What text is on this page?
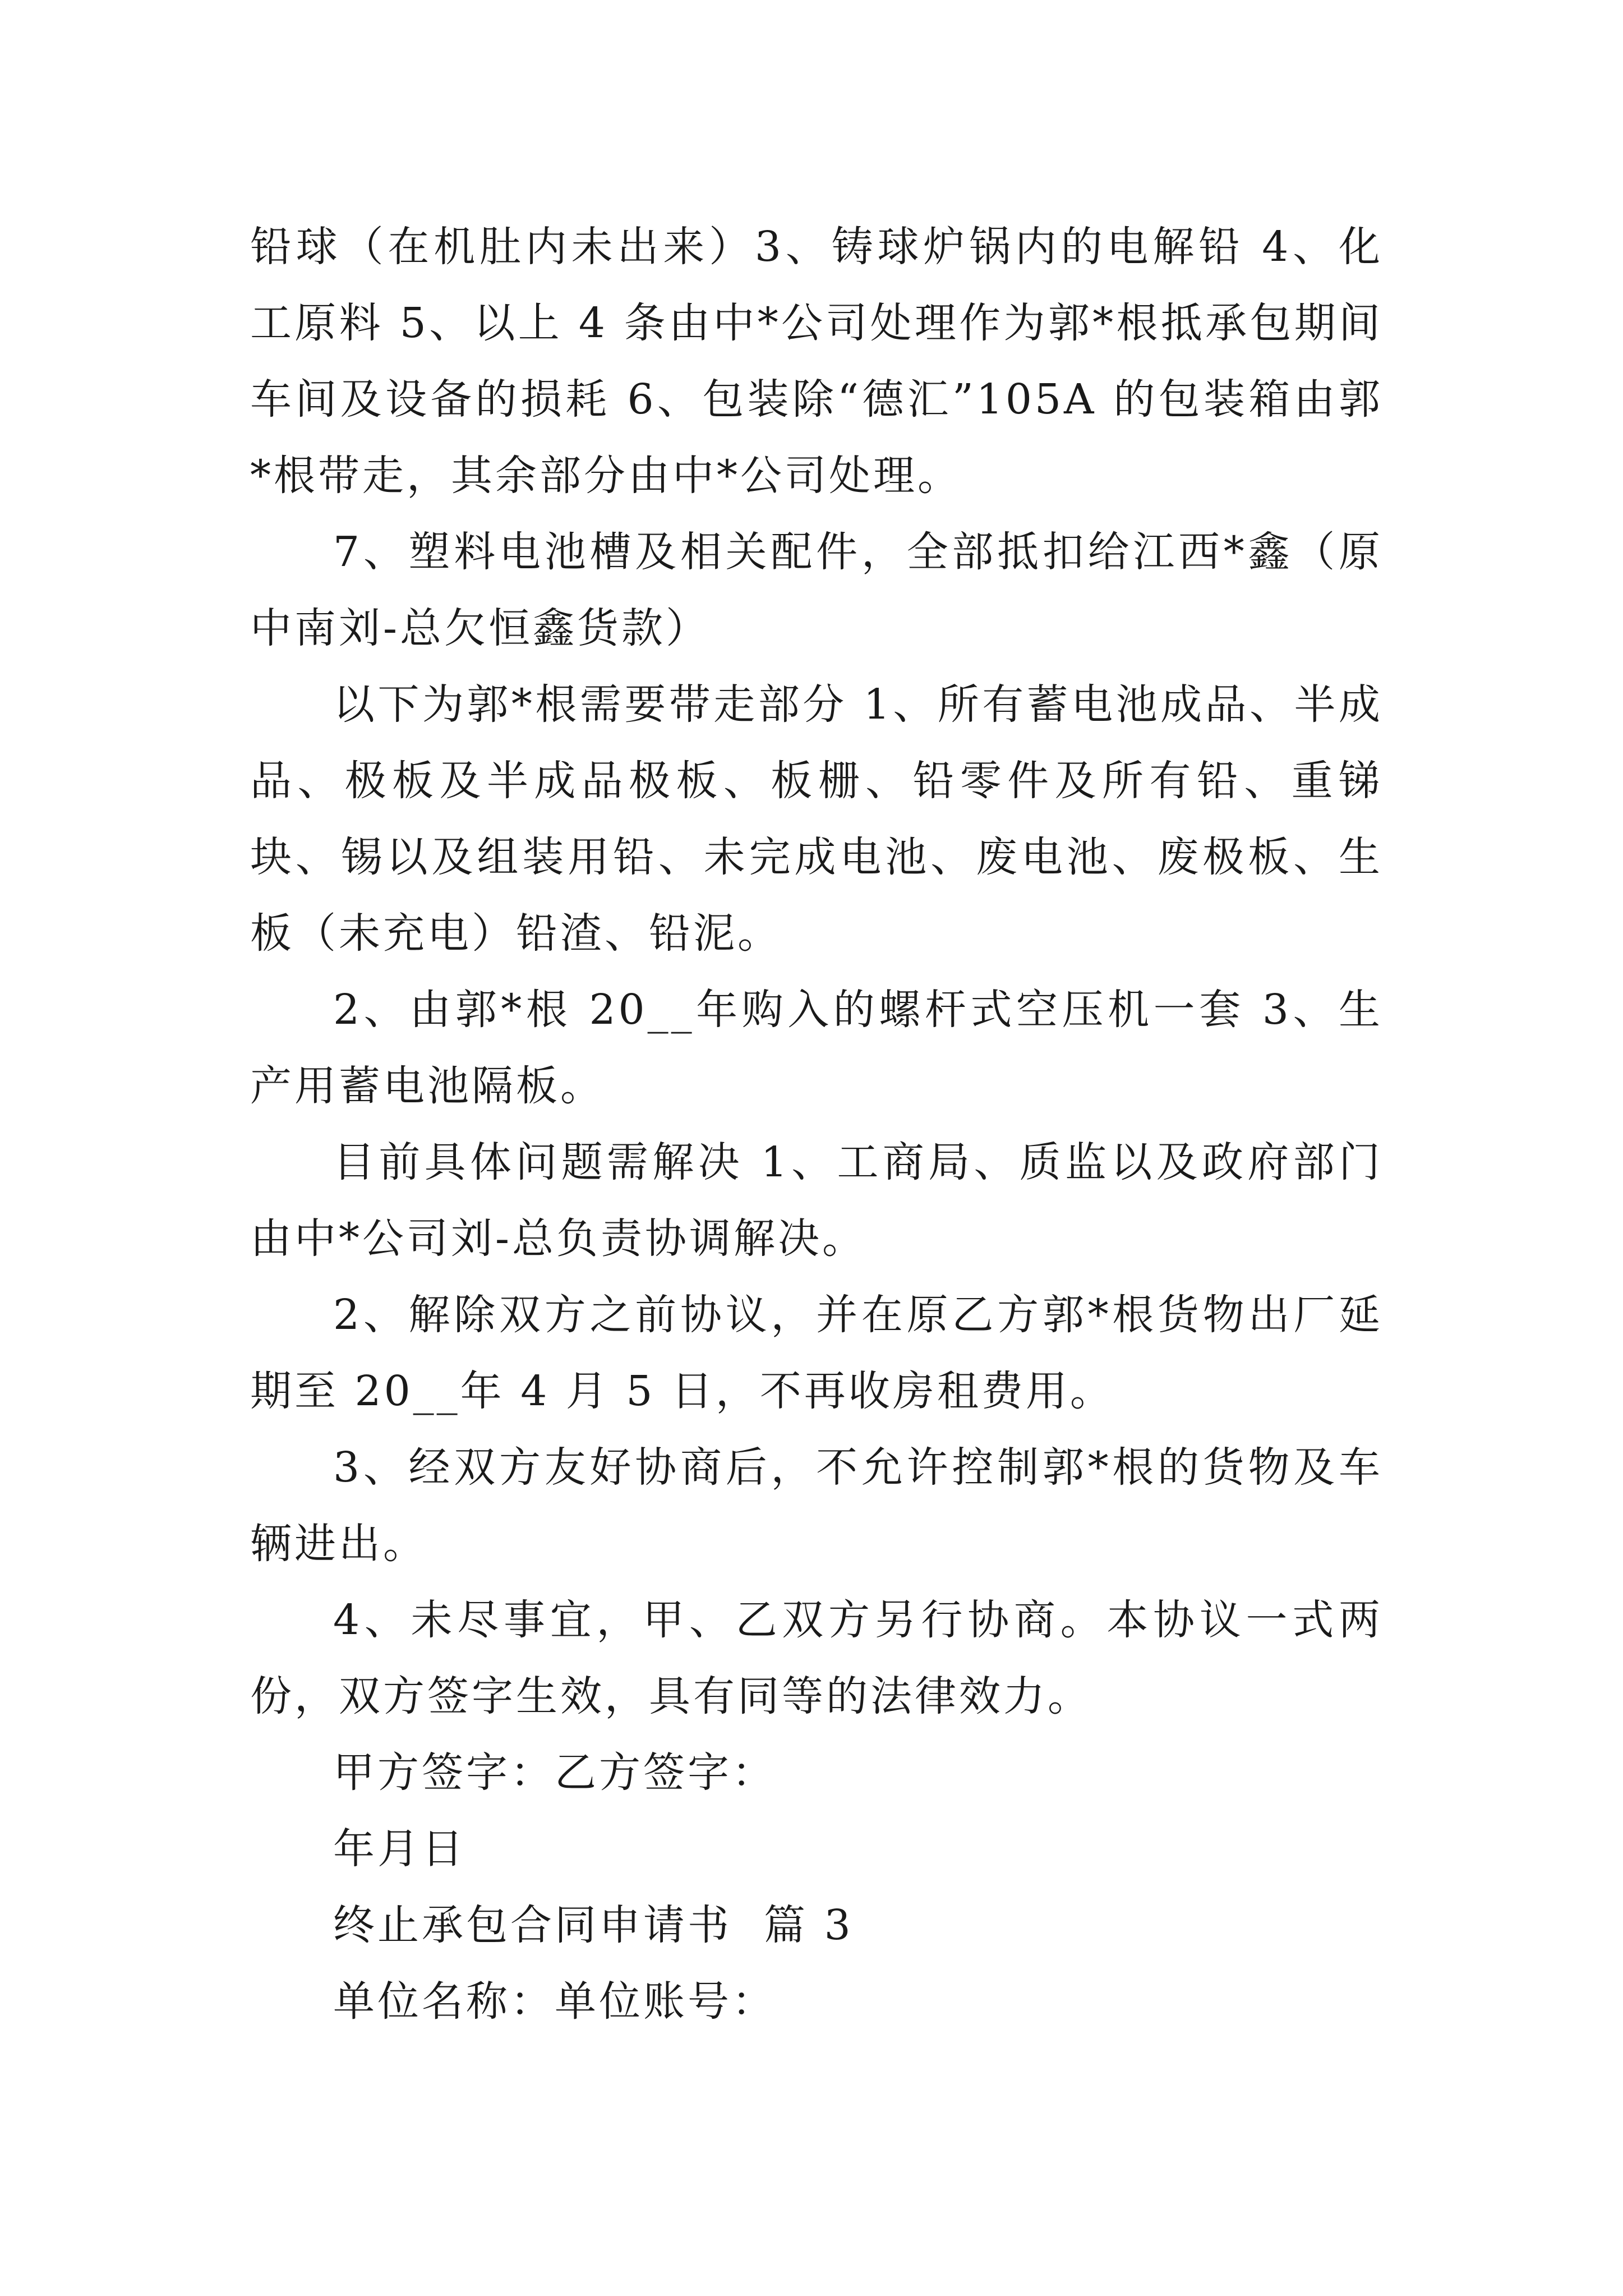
铅球（在机肚内未出来）3、铸球炉锅内的电解铅 4、化工原料 5、以上 4 条由中*公司处理作为郭*根抵承包期间车间及设备的损耗 6、包装除“德汇”105A 的包装箱由郭*根带走，其余部分由中*公司处理。

7、塑料电池槽及相关配件，全部抵扣给江西*鑫（原中南刘-总欠恒鑫货款）

以下为郭*根需要带走部分 1、所有蓄电池成品、半成品、极板及半成品极板、板栅、铅零件及所有铅、重锑块、锡以及组装用铅、未完成电池、废电池、废极板、生板（未充电）铅渣、铅泥。

2、由郭*根 20__年购入的螺杆式空压机一套 3、生产用蓄电池隔板。

目前具体问题需解决 1、工商局、质监以及政府部门由中*公司刘-总负责协调解决。

2、解除双方之前协议，并在原乙方郭*根货物出厂延期至 20__年 4 月 5 日，不再收房租费用。

3、经双方友好协商后，不允许控制郭*根的货物及车辆进出。

4、未尽事宜，甲、乙双方另行协商。本协议一式两份，双方签字生效，具有同等的法律效力。

甲方签字：乙方签字：

年月日

终止承包合同申请书  篇 3

单位名称：单位账号：
